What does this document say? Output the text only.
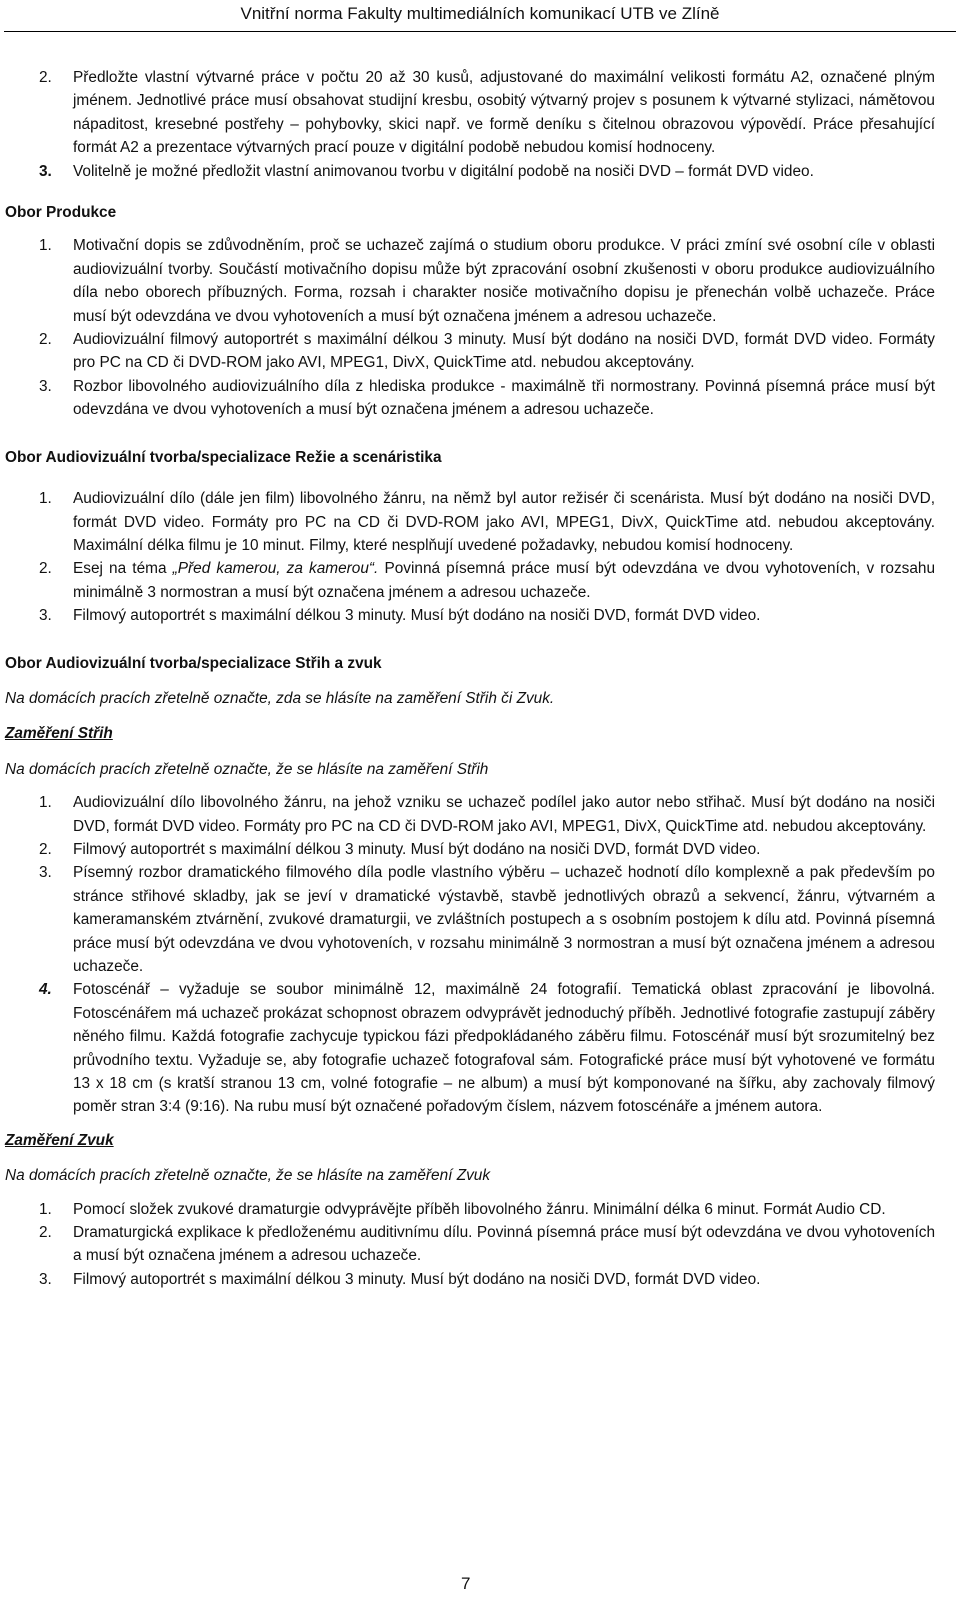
Vnitřní norma Fakulty multimediálních komunikací UTB ve Zlíně
2.	Předložte vlastní výtvarné práce v počtu 20 až 30 kusů, adjustované do maximální velikosti formátu A2, označené plným jménem. Jednotlivé práce musí obsahovat studijní kresbu, osobitý výtvarný projev s posunem k výtvarné stylizaci, námětovou nápaditost, kresebné postřehy – pohybovky, skici např. ve formě deníku s čitelnou obrazovou výpovědí. Práce přesahující formát A2 a prezentace výtvarných prací pouze v digitální podobě nebudou komisí hodnoceny.
3.	Volitelně je možné předložit vlastní animovanou tvorbu v digitální podobě na nosiči DVD – formát DVD video.
Obor Produkce
1.	Motivační dopis se zdůvodněním, proč se uchazeč zajímá o studium oboru produkce. V práci zmíní své osobní cíle v oblasti audiovizuální tvorby. Součástí motivačního dopisu může být zpracování osobní zkušenosti v oboru produkce audiovizuálního díla nebo oborech příbuzných. Forma, rozsah i charakter nosiče motivačního dopisu je přenechán volbě uchazeče. Práce musí být odevzdána ve dvou vyhotoveních a musí být označena jménem a adresou uchazeče.
2.	Audiovizuální filmový autoportrét s maximální délkou 3 minuty. Musí být dodáno na nosiči DVD, formát DVD video. Formáty pro PC na CD či DVD-ROM jako AVI, MPEG1, DivX, QuickTime atd. nebudou akceptovány.
3.	Rozbor libovolného audiovizuálního díla z hlediska produkce - maximálně tři normostrany. Povinná písemná práce musí být odevzdána ve dvou vyhotoveních a musí být označena jménem a adresou uchazeče.
Obor Audiovizuální tvorba/specializace Režie a scenáristika
1.	Audiovizuální dílo (dále jen film) libovolného žánru, na němž byl autor režisér či scenárista. Musí být dodáno na nosiči DVD, formát DVD video. Formáty pro PC na CD či DVD-ROM jako AVI, MPEG1, DivX, QuickTime atd. nebudou akceptovány. Maximální délka filmu je 10 minut. Filmy, které nesplňují uvedené požadavky, nebudou komisí hodnoceny.
2.	Esej na téma „Před kamerou, za kamerou“. Povinná písemná práce musí být odevzdána ve dvou vyhotoveních, v rozsahu minimálně 3 normostran a musí být označena jménem a adresou uchazeče.
3.	Filmový autoportrét s maximální délkou 3 minuty. Musí být dodáno na nosiči DVD, formát DVD video.
Obor Audiovizuální tvorba/specializace Střih a zvuk
Na domácích pracích zřetelně označte, zda se hlásíte na zaměření Střih či Zvuk.
Zaměření Střih
Na domácích pracích zřetelně označte, že se hlásíte na zaměření Střih
1.	Audiovizuální dílo libovolného žánru, na jehož vzniku se uchazeč podílel jako autor nebo střihač. Musí být dodáno na nosiči DVD, formát DVD video. Formáty pro PC na CD či DVD-ROM jako AVI, MPEG1, DivX, QuickTime atd. nebudou akceptovány.
2.	Filmový autoportrét s maximální délkou 3 minuty. Musí být dodáno na nosiči DVD, formát DVD video.
3.	Písemný rozbor dramatického filmového díla podle vlastního výběru – uchazeč hodnotí dílo komplexně a pak především po stránce střihové skladby, jak se jeví v dramatické výstavbě, stavbě jednotlivých obrazů a sekvencí, žánru, výtvarném a kameramanském ztvárnění, zvukové dramaturgii, ve zvláštních postupech a s osobním postojem k dílu atd. Povinná písemná práce musí být odevzdána ve dvou vyhotoveních, v rozsahu minimálně 3 normostran a musí být označena jménem a adresou uchazeče.
4.	Fotoscénář – vyžaduje se soubor minimálně 12, maximálně 24 fotografií. Tematická oblast zpracování je libovolná. Fotoscénářem má uchazeč prokázat schopnost obrazem odvyprávět jednoduchý příběh. Jednotlivé fotografie zastupují záběry něného filmu. Každá fotografie zachycuje typickou fázi předpokládaného záběru filmu. Fotoscénář musí být srozumitelný bez průvodního textu. Vyžaduje se, aby fotografie uchazeč fotografoval sám. Fotografické práce musí být vyhotovené ve formátu 13 x 18 cm (s kratší stranou 13 cm, volné fotografie – ne album) a musí být komponované na šířku, aby zachovaly filmový poměr stran 3:4 (9:16). Na rubu musí být označené pořadovým číslem, názvem fotoscénáře a jménem autora.
Zaměření Zvuk
Na domácích pracích zřetelně označte, že se hlásíte na zaměření Zvuk
1.	Pomocí složek zvukové dramaturgie odvyprávějte příběh libovolného žánru. Minimální délka 6 minut. Formát Audio CD.
2.	Dramaturgická explikace k předloženému auditivnímu dílu. Povinná písemná práce musí být odevzdána ve dvou vyhotoveních a musí být označena jménem a adresou uchazeče.
3.	Filmový autoportrét s maximální délkou 3 minuty. Musí být dodáno na nosiči DVD, formát DVD video.
7
